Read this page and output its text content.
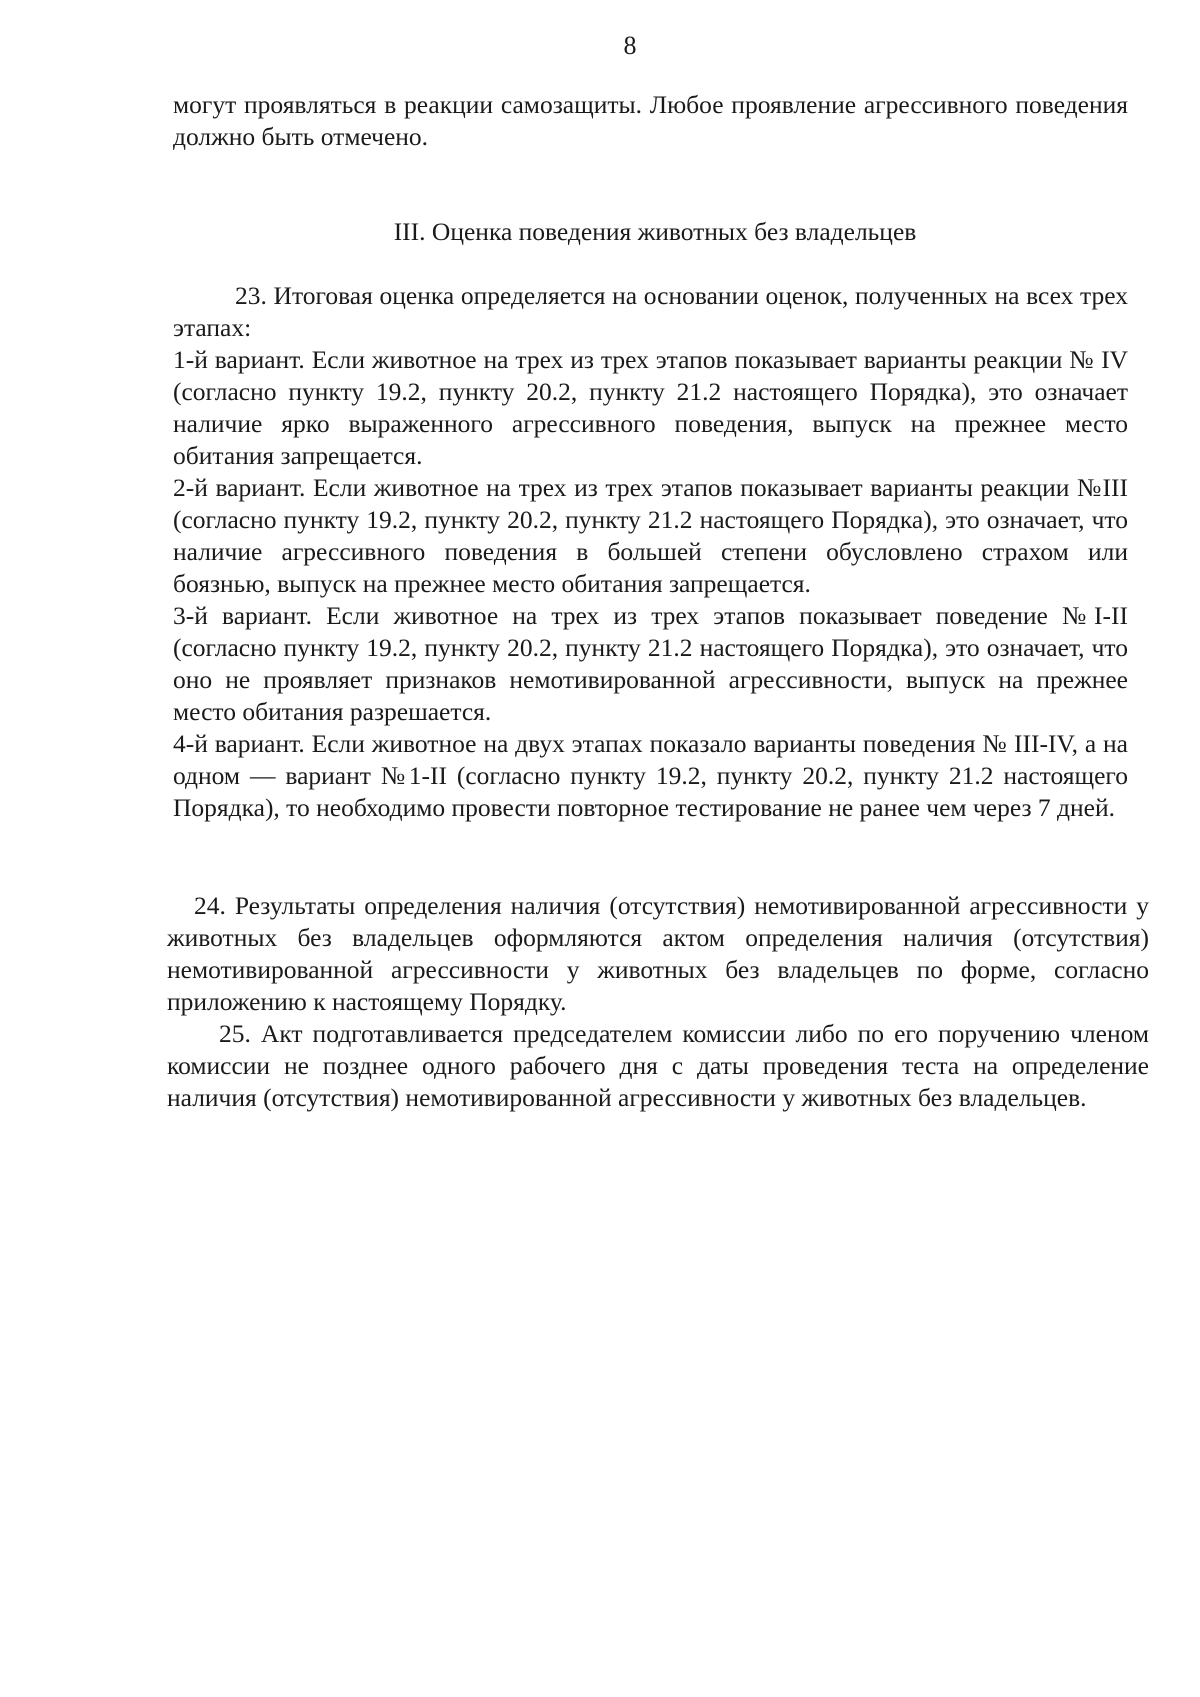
8

могут проявляться в реакции самозащиты. Любое проявление агрессивного поведения должно быть отмечено.

III. Оценка поведения животных без владельцев

23. Итоговая оценка определяется на основании оценок, полученных на всех трех этапах:

1-й вариант. Если животное на трех из трех этапов показывает варианты реакции № IV (согласно пункту 19.2, пункту 20.2, пункту 21.2 настоящего Порядка), это означает наличие ярко выраженного агрессивного поведения, выпуск на прежнее место обитания запрещается.

2-й вариант. Если животное на трех из трех этапов показывает варианты реакции №III (согласно пункту 19.2, пункту 20.2, пункту 21.2 настоящего Порядка), это означает, что наличие агрессивного поведения в большей степени обусловлено страхом или боязнью, выпуск на прежнее место обитания запрещается.

3-й вариант. Если животное на трех из трех этапов показывает поведение №I-II (согласно пункту 19.2, пункту 20.2, пункту 21.2 настоящего Порядка), это означает, что оно не проявляет признаков немотивированной агрессивности, выпуск на прежнее место обитания разрешается.

4-й вариант. Если животное на двух этапах показало варианты поведения № III-IV, а на одном — вариант №1-II (согласно пункту 19.2, пункту 20.2, пункту 21.2 настоящего Порядка), то необходимо провести повторное тестирование не ранее чем через 7 дней.

24. Результаты определения наличия (отсутствия) немотивированной агрессивности у животных без владельцев оформляются актом определения наличия (отсутствия) немотивированной агрессивности у животных без владельцев по форме, согласно приложению к настоящему Порядку.

25. Акт подготавливается председателем комиссии либо по его поручению членом комиссии не позднее одного рабочего дня с даты проведения теста на определение наличия (отсутствия) немотивированной агрессивности у животных без владельцев.
